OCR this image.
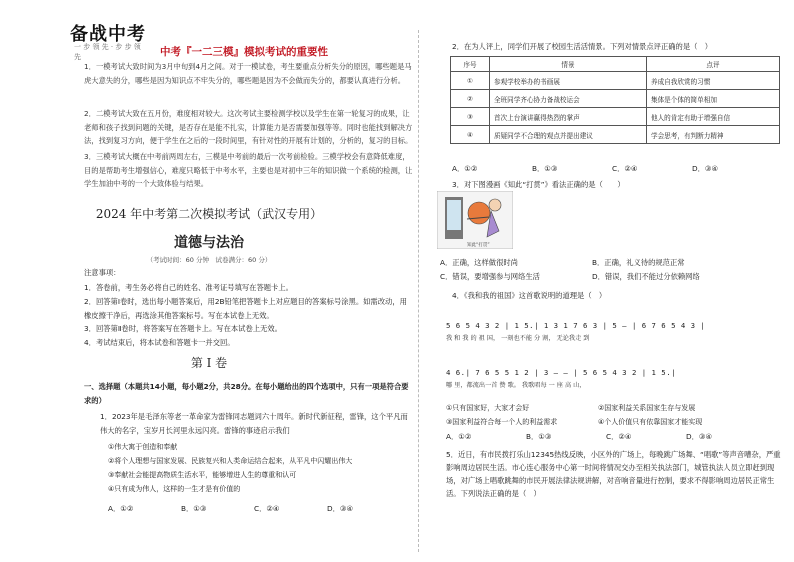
备战中考
一 步 领 先 · 步 步 领 先	中考『一二三模』模拟考试的重要性
1．一模考试大致时间为3月中旬到4月之间。对于一模试卷，考生要重点分析失分的原因，哪些题是马虎大意失的分，哪些是因为知识点不牢失分的，哪些题是因为不会做而失分的，都要认真进行分析。
2．二模考试大致在五月份，难度相对较大。这次考试主要检测学校以及学生在第一轮复习的成果，让老师和孩子找到问题的关键，是否存在是能不扎实，计算能力是否需要加强等等。同时也能找到解决方法，找到复习方向，便于学生在之后的一段时间里，有针对性的开展有计划的，分析的，复习的目标。
3．三模考试大概在中考前两周左右，三模是中考前的最后一次考前检验。三模学校会有意降低难度，目的是帮助考生增强信心，难度只略低于中考水平，主要也是对初中三年的知识做一个系统的检测，让学生加油中考的一个大致体验与结果。
2024 年中考第二次模拟考试（武汉专用）
道德与法治
（考试时间：60 分钟　试卷满分：60 分）
注意事项：
1．答卷前，考生务必将自己的姓名、准考证号填写在答题卡上。
2．回答第Ⅰ卷时，选出每小题答案后，用2B铅笔把答题卡上对应题目的答案标号涂黑。如需改动，用橡皮擦干净后，再选涂其他答案标号。写在本试卷上无效。
3．回答第Ⅱ卷时，将答案写在答题卡上。写在本试卷上无效。
4．考试结束后，将本试卷和答题卡一并交回。
第 Ⅰ 卷
一、选择题（本题共14小题，每小题2分，共28分。在每小题给出的四个选项中，只有一项是符合要求的）
1．2023年是毛泽东等老一革命家为雷锋同志题词六十周年。新时代新征程，雷锋，这个平凡而伟大的名字，宝岁月长河里永远闪亮。雷锋的事迹启示我们
①伟大寓于创造和奉献
②将个人理想与国家发展、民族复兴和人类命运结合起来，从平凡中闪耀出伟大
③奉献社会能提高物质生活水平，能够增进人生的尊重和认可
④只有成为伟人，这样的一生才是有价值的
A．①②	B．①③	C．②④	D．③④
2．在为人评上，同学们开展了校园生活活情景。下列对情景点评正确的是（　）
序号	情景	点评
①	参观学校举办的书画展	养成自我欣赏的习惯
②	全班同学齐心协力备战校运会	集体是个体的简单相加
③	首次上台演讲赢得热烈的掌声	他人的肯定有助于增强自信
④	质疑同学不合理的观点并提出建议	学会思考，有判断力精神
A．①②	B．①③	C．②④	D．③④
3．对下图漫画《知此“打贯”》看法正确的是（　　）
知此“打贯”
A．正确，这样做很时尚	B．正确，礼义待的规范正常
C．错误，要增强参与网络生活	D．错误，我们不能过分依赖网络
4．《我和我的祖国》这首歌说明的道理是（　）
5 6 5 4 3 2 | 1 5.| 1 3 1 7 6 3 | 5 – | 6 7 6 5 4 3 |
我 和 我 的 祖 国， 一刻也不能 分 割， 无论我走 到
4 6.| 7 6 5 5 1 2 | 3 – – | 5 6 5 4 3 2 | 1 5.|
哪 里，都流出一首 赞 歌。 我歌唱每 一 座 高 山，
①只有国家好，大家才会好	②国家利益关系国家生存与发展
③国家利益符合每一个人的利益需求	④个人价值只有依靠国家才能实现
A．①②	B．①③	C．②④	D．③④
5．近日，有市民拨打乐山12345热线反映，小区外的广场上，每晚跳广场舞、“唱歌”等声音嘈杂，严重影响周边居民生活。市心连心服务中心第一时间将情况交办至相关执法部门，城管执法人员立即赶到现场，对广场上唱歌跳舞的市民开展法律法规讲解，对音响音量进行控制，要求不得影响周边居民正常生活。下列说法正确的是（　）
